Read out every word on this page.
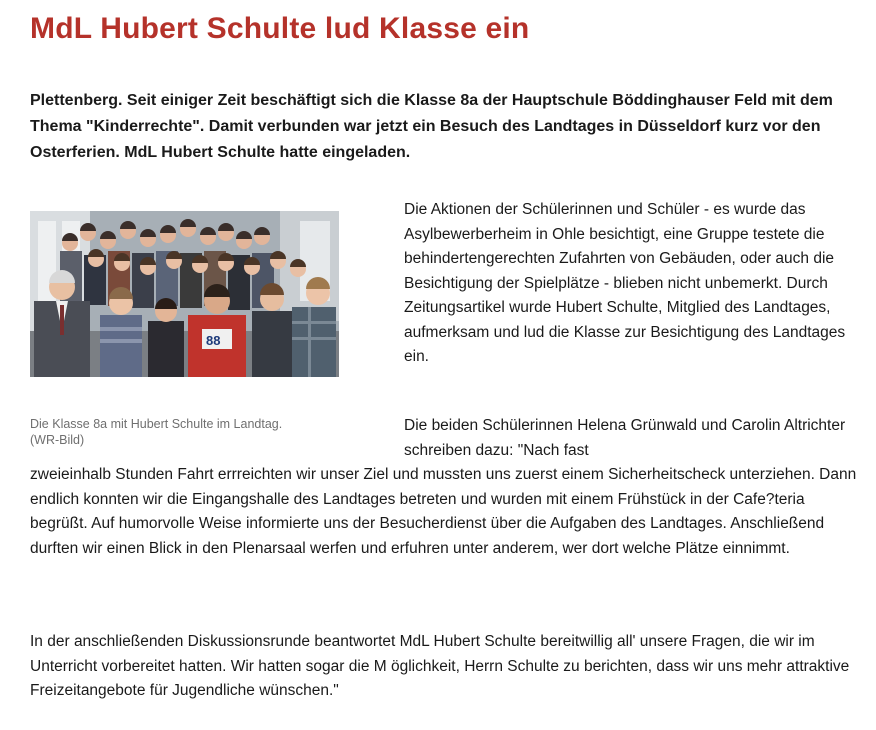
MdL Hubert Schulte lud Klasse ein

Plettenberg. Seit einiger Zeit beschäftigt sich die Klasse 8a der Hauptschule Böddinghauser Feld mit dem Thema "Kinderrechte". Damit verbunden war jetzt ein Besuch des Landtages in Düsseldorf kurz vor den Osterferien. MdL Hubert Schulte hatte eingeladen.

88

Die Klasse 8a mit Hubert Schulte im Landtag. (WR-Bild)

Die Aktionen der Schülerinnen und Schüler - es wurde das Asylbewerberheim in Ohle besichtigt, eine Gruppe testete die behindertengerechten Zufahrten von Gebäuden, oder auch die Besichtigung der Spielplätze - blieben nicht unbemerkt. Durch Zeitungsartikel wurde Hubert Schulte, Mitglied des Landtages, aufmerksam und lud die Klasse zur Besichtigung des Landtages ein.

Die beiden Schülerinnen Helena Grünwald und Carolin Altrichter schreiben dazu: "Nach fast

zweieinhalb Stunden Fahrt errreichten wir unser Ziel und mussten uns zuerst einem Sicherheitscheck unterziehen. Dann endlich konnten wir die Eingangshalle des Landtages betreten und wurden mit einem Frühstück in der Cafe?teria begrüßt. Auf humorvolle Weise informierte uns der Besucherdienst über die Aufgaben des Landtages. Anschließend durften wir einen Blick in den Plenarsaal werfen und erfuhren unter anderem, wer dort welche Plätze einnimmt.

In der anschließenden Diskussionsrunde beantwortet MdL Hubert Schulte bereitwillig all' unsere Fragen, die wir im Unterricht vorbereitet hatten. Wir hatten sogar die M öglichkeit, Herrn Schulte zu berichten, dass wir uns mehr attraktive Freizeitangebote für Jugendliche wünschen."
